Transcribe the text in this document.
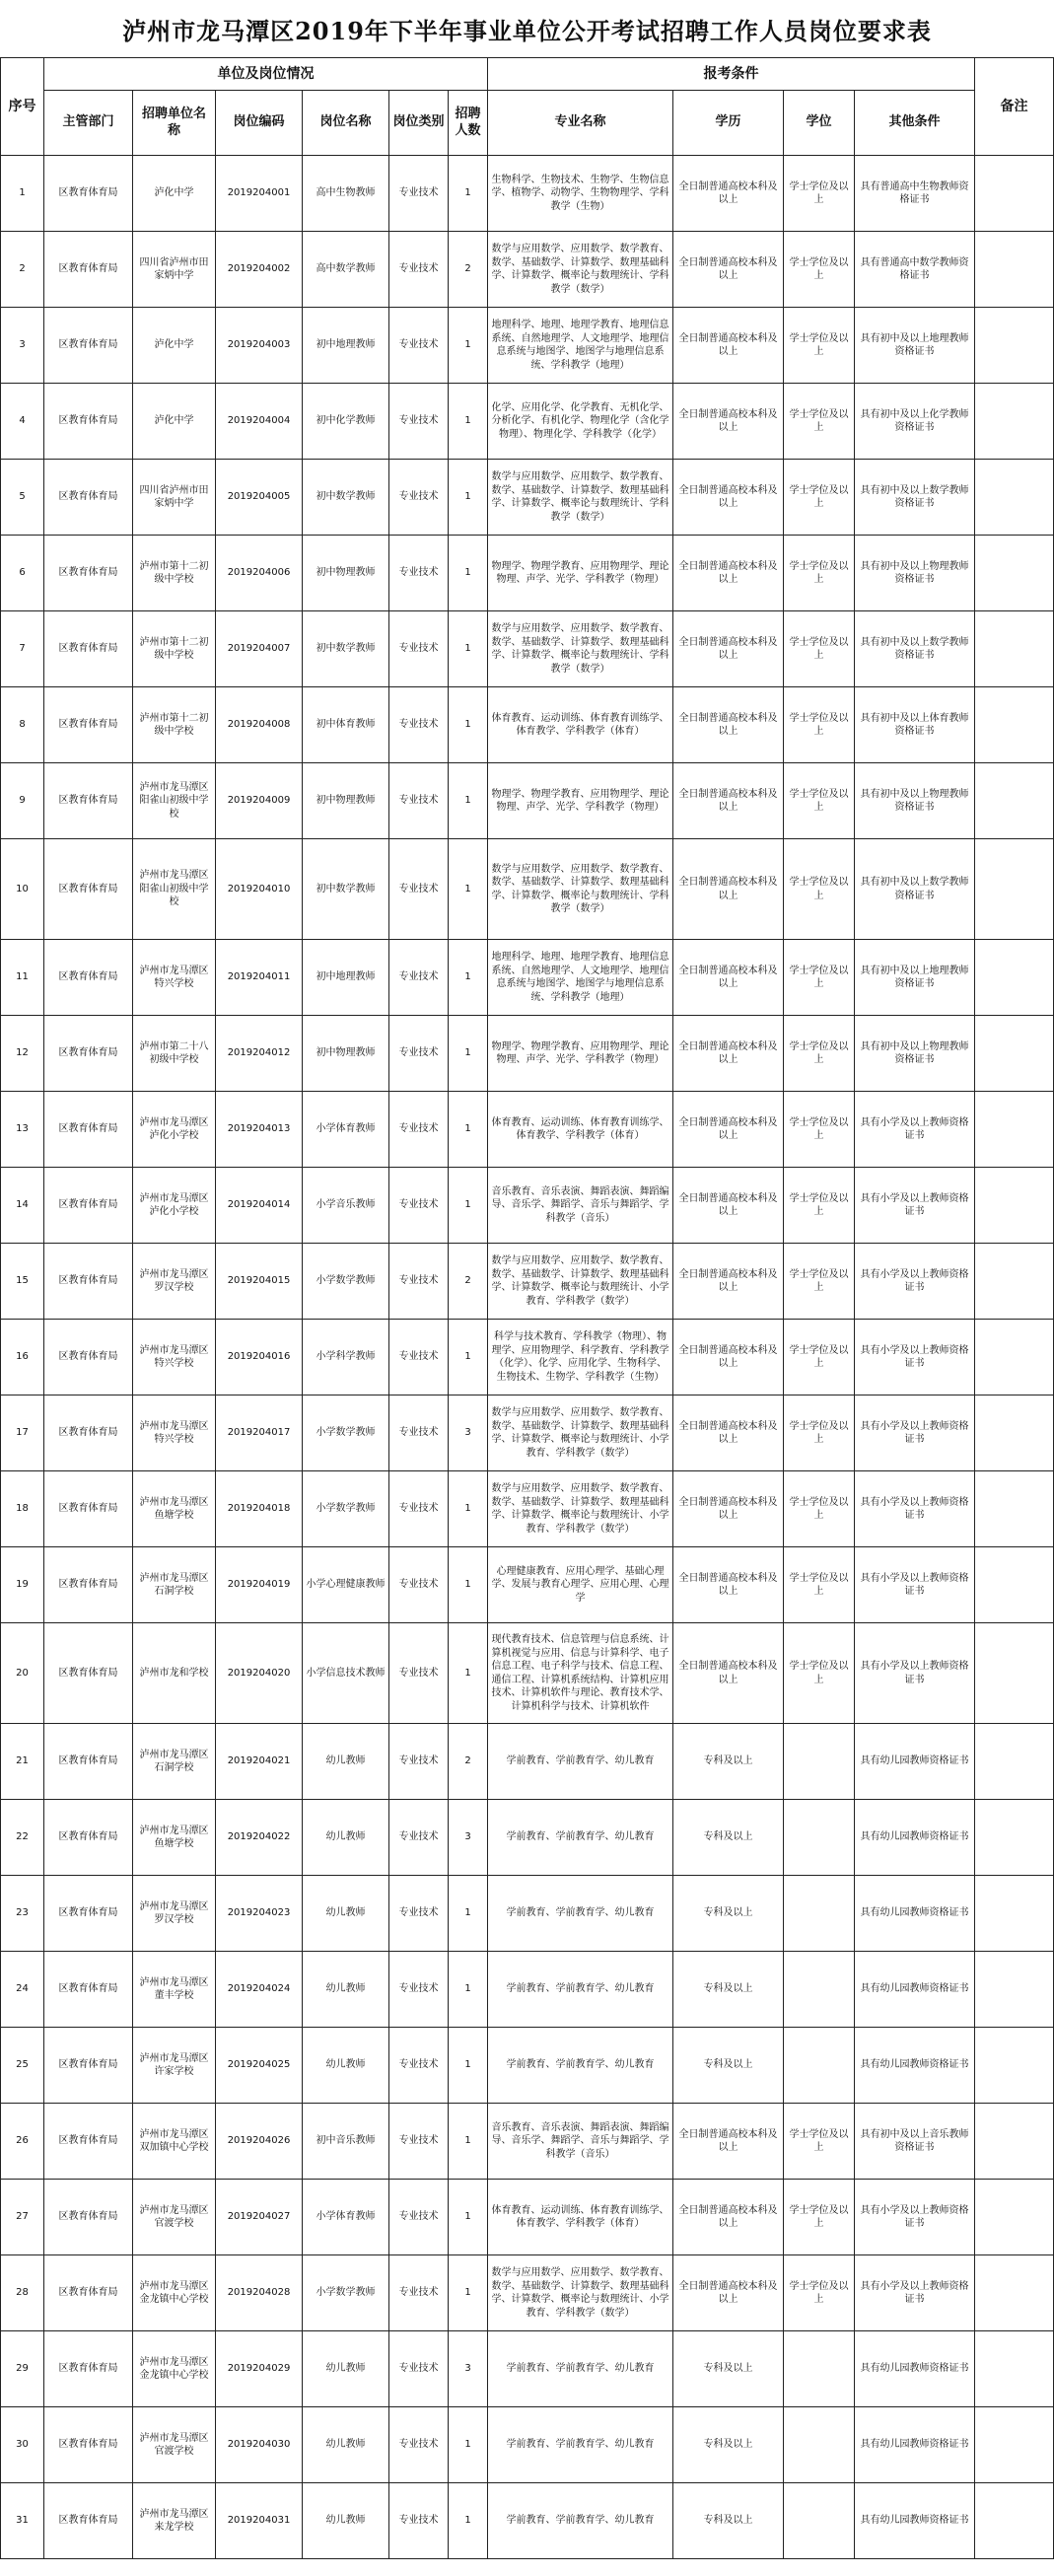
泸州市龙马潭区2019年下半年事业单位公开考试招聘工作人员岗位要求表
序号	单位及岗位情况						报考条件				备注
	主管部门	招聘单位名称	岗位编码	岗位名称	岗位类别	招聘人数	专业名称	学历	学位	其他条件	
1	区教育体育局	泸化中学	2019204001	高中生物教师	专业技术	1	生物科学、生物技术、生物学、生物信息学、植物学、动物学、生物物理学、学科教学（生物）	全日制普通高校本科及以上	学士学位及以上	具有普通高中生物教师资格证书	
2	区教育体育局	四川省泸州市田家炳中学	2019204002	高中数学教师	专业技术	2	数学与应用数学、应用数学、数学教育、数学、基础数学、计算数学、数理基础科学、计算数学、概率论与数理统计、学科教学（数学）	全日制普通高校本科及以上	学士学位及以上	具有普通高中数学教师资格证书	
3	区教育体育局	泸化中学	2019204003	初中地理教师	专业技术	1	地理科学、地理、地理学教育、地理信息系统、自然地理学、人文地理学、地理信息系统与地图学、地图学与地理信息系统、学科教学（地理）	全日制普通高校本科及以上	学士学位及以上	具有初中及以上地理教师资格证书	
4	区教育体育局	泸化中学	2019204004	初中化学教师	专业技术	1	化学、应用化学、化学教育、无机化学、分析化学、有机化学、物理化学（含化学物理）、物理化学、学科教学（化学）	全日制普通高校本科及以上	学士学位及以上	具有初中及以上化学教师资格证书	
5	区教育体育局	四川省泸州市田家炳中学	2019204005	初中数学教师	专业技术	1	数学与应用数学、应用数学、数学教育、数学、基础数学、计算数学、数理基础科学、计算数学、概率论与数理统计、学科教学（数学）	全日制普通高校本科及以上	学士学位及以上	具有初中及以上数学教师资格证书	
6	区教育体育局	泸州市第十二初级中学校	2019204006	初中物理教师	专业技术	1	物理学、物理学教育、应用物理学、理论物理、声学、光学、学科教学（物理）	全日制普通高校本科及以上	学士学位及以上	具有初中及以上物理教师资格证书	
7	区教育体育局	泸州市第十二初级中学校	2019204007	初中数学教师	专业技术	1	数学与应用数学、应用数学、数学教育、数学、基础数学、计算数学、数理基础科学、计算数学、概率论与数理统计、学科教学（数学）	全日制普通高校本科及以上	学士学位及以上	具有初中及以上数学教师资格证书	
8	区教育体育局	泸州市第十二初级中学校	2019204008	初中体育教师	专业技术	1	体育教育、运动训练、体育教育训练学、体育教学、学科教学（体育）	全日制普通高校本科及以上	学士学位及以上	具有初中及以上体育教师资格证书	
9	区教育体育局	泸州市龙马潭区阳雀山初级中学校	2019204009	初中物理教师	专业技术	1	物理学、物理学教育、应用物理学、理论物理、声学、光学、学科教学（物理）	全日制普通高校本科及以上	学士学位及以上	具有初中及以上物理教师资格证书	
10	区教育体育局	泸州市龙马潭区阳雀山初级中学校	2019204010	初中数学教师	专业技术	1	数学与应用数学、应用数学、数学教育、数学、基础数学、计算数学、数理基础科学、计算数学、概率论与数理统计、学科教学（数学）	全日制普通高校本科及以上	学士学位及以上	具有初中及以上数学教师资格证书	
11	区教育体育局	泸州市龙马潭区特兴学校	2019204011	初中地理教师	专业技术	1	地理科学、地理、地理学教育、地理信息系统、自然地理学、人文地理学、地理信息系统与地图学、地图学与地理信息系统、学科教学（地理）	全日制普通高校本科及以上	学士学位及以上	具有初中及以上地理教师资格证书	
12	区教育体育局	泸州市第二十八初级中学校	2019204012	初中物理教师	专业技术	1	物理学、物理学教育、应用物理学、理论物理、声学、光学、学科教学（物理）	全日制普通高校本科及以上	学士学位及以上	具有初中及以上物理教师资格证书	
13	区教育体育局	泸州市龙马潭区泸化小学校	2019204013	小学体育教师	专业技术	1	体育教育、运动训练、体育教育训练学、体育教学、学科教学（体育）	全日制普通高校本科及以上	学士学位及以上	具有小学及以上教师资格证书	
14	区教育体育局	泸州市龙马潭区泸化小学校	2019204014	小学音乐教师	专业技术	1	音乐教育、音乐表演、舞蹈表演、舞蹈编导、音乐学、舞蹈学、音乐与舞蹈学、学科教学（音乐）	全日制普通高校本科及以上	学士学位及以上	具有小学及以上教师资格证书	
15	区教育体育局	泸州市龙马潭区罗汉学校	2019204015	小学数学教师	专业技术	2	数学与应用数学、应用数学、数学教育、数学、基础数学、计算数学、数理基础科学、计算数学、概率论与数理统计、小学教育、学科教学（数学）	全日制普通高校本科及以上	学士学位及以上	具有小学及以上教师资格证书	
16	区教育体育局	泸州市龙马潭区特兴学校	2019204016	小学科学教师	专业技术	1	科学与技术教育、学科教学（物理）、物理学、应用物理学、科学教育、学科教学（化学）、化学、应用化学、生物科学、生物技术、生物学、学科教学（生物）	全日制普通高校本科及以上	学士学位及以上	具有小学及以上教师资格证书	
17	区教育体育局	泸州市龙马潭区特兴学校	2019204017	小学数学教师	专业技术	3	数学与应用数学、应用数学、数学教育、数学、基础数学、计算数学、数理基础科学、计算数学、概率论与数理统计、小学教育、学科教学（数学）	全日制普通高校本科及以上	学士学位及以上	具有小学及以上教师资格证书	
18	区教育体育局	泸州市龙马潭区鱼塘学校	2019204018	小学数学教师	专业技术	1	数学与应用数学、应用数学、数学教育、数学、基础数学、计算数学、数理基础科学、计算数学、概率论与数理统计、小学教育、学科教学（数学）	全日制普通高校本科及以上	学士学位及以上	具有小学及以上教师资格证书	
19	区教育体育局	泸州市龙马潭区石洞学校	2019204019	小学心理健康教师	专业技术	1	心理健康教育、应用心理学、基础心理学、发展与教育心理学、应用心理、心理学	全日制普通高校本科及以上	学士学位及以上	具有小学及以上教师资格证书	
20	区教育体育局	泸州市龙和学校	2019204020	小学信息技术教师	专业技术	1	现代教育技术、信息管理与信息系统、计算机视觉与应用、信息与计算科学、电子信息工程、电子科学与技术、信息工程、通信工程、计算机系统结构、计算机应用技术、计算机软件与理论、教育技术学、计算机科学与技术、计算机软件	全日制普通高校本科及以上	学士学位及以上	具有小学及以上教师资格证书	
21	区教育体育局	泸州市龙马潭区石洞学校	2019204021	幼儿教师	专业技术	2	学前教育、学前教育学、幼儿教育	专科及以上		具有幼儿园教师资格证书	
22	区教育体育局	泸州市龙马潭区鱼塘学校	2019204022	幼儿教师	专业技术	3	学前教育、学前教育学、幼儿教育	专科及以上		具有幼儿园教师资格证书	
23	区教育体育局	泸州市龙马潭区罗汉学校	2019204023	幼儿教师	专业技术	1	学前教育、学前教育学、幼儿教育	专科及以上		具有幼儿园教师资格证书	
24	区教育体育局	泸州市龙马潭区董丰学校	2019204024	幼儿教师	专业技术	1	学前教育、学前教育学、幼儿教育	专科及以上		具有幼儿园教师资格证书	
25	区教育体育局	泸州市龙马潭区许家学校	2019204025	幼儿教师	专业技术	1	学前教育、学前教育学、幼儿教育	专科及以上		具有幼儿园教师资格证书	
26	区教育体育局	泸州市龙马潭区双加镇中心学校	2019204026	初中音乐教师	专业技术	1	音乐教育、音乐表演、舞蹈表演、舞蹈编导、音乐学、舞蹈学、音乐与舞蹈学、学科教学（音乐）	全日制普通高校本科及以上	学士学位及以上	具有初中及以上音乐教师资格证书	
27	区教育体育局	泸州市龙马潭区官渡学校	2019204027	小学体育教师	专业技术	1	体育教育、运动训练、体育教育训练学、体育教学、学科教学（体育）	全日制普通高校本科及以上	学士学位及以上	具有小学及以上教师资格证书	
28	区教育体育局	泸州市龙马潭区金龙镇中心学校	2019204028	小学数学教师	专业技术	1	数学与应用数学、应用数学、数学教育、数学、基础数学、计算数学、数理基础科学、计算数学、概率论与数理统计、小学教育、学科教学（数学）	全日制普通高校本科及以上	学士学位及以上	具有小学及以上教师资格证书	
29	区教育体育局	泸州市龙马潭区金龙镇中心学校	2019204029	幼儿教师	专业技术	3	学前教育、学前教育学、幼儿教育	专科及以上		具有幼儿园教师资格证书	
30	区教育体育局	泸州市龙马潭区官渡学校	2019204030	幼儿教师	专业技术	1	学前教育、学前教育学、幼儿教育	专科及以上		具有幼儿园教师资格证书	
31	区教育体育局	泸州市龙马潭区来龙学校	2019204031	幼儿教师	专业技术	1	学前教育、学前教育学、幼儿教育	专科及以上		具有幼儿园教师资格证书	
